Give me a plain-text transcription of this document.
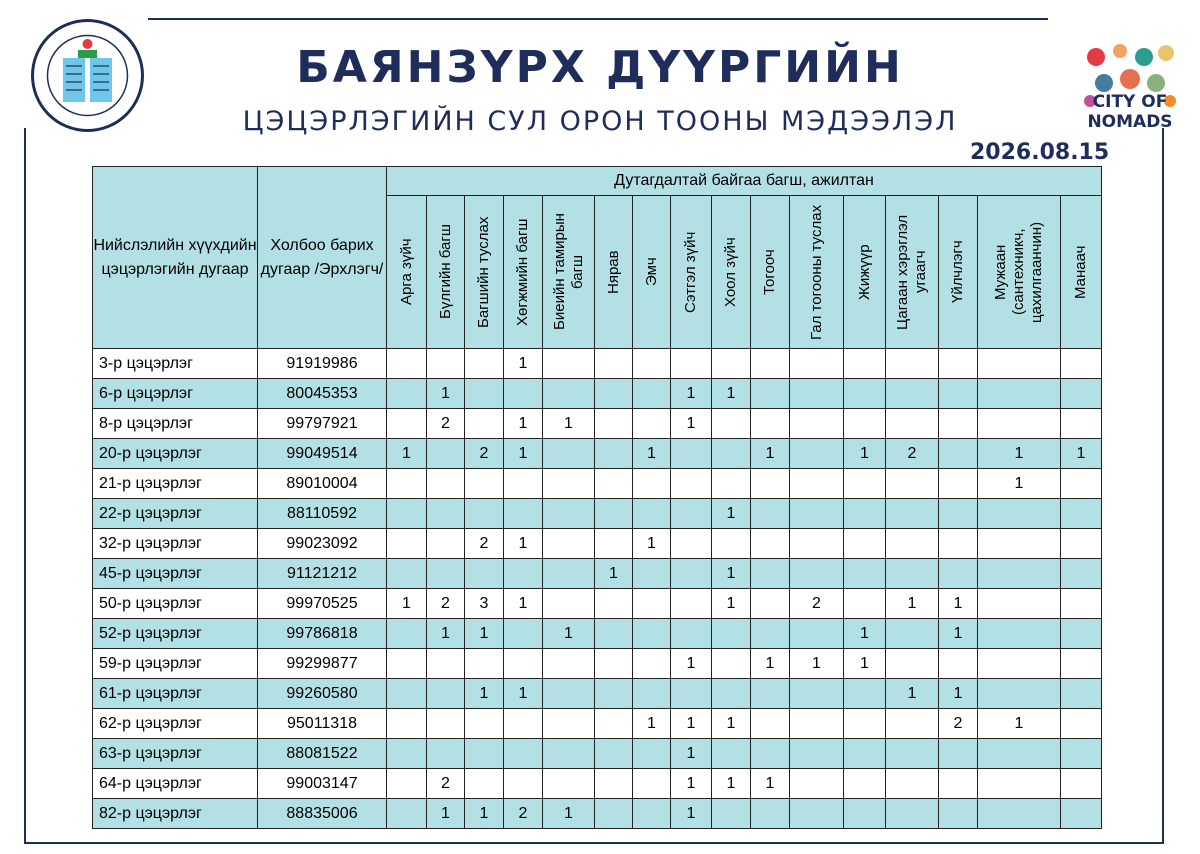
БАЯНЗҮРХ ДҮҮРГИЙН
ЦЭЦЭРЛЭГИЙН СУЛ ОРОН ТООНЫ МЭДЭЭЛЭЛ
2026.08.15
CITY OF
NOMADS
Нийслэлийн хүүхдийн цэцэрлэгийн дугаар	Холбоо барих дугаар /Эрхлэгч/	Дутагдалтай байгаа багш, ажилтан															

		Арга зүйч	Бүлгийн багш	Багшийн туслах	Хөгжмийн багш	Биеийн тамирын багш	Нярав	Эмч	Сэтгэл зүйч	Хоол зүйч	Тогооч	Гал тогооны туслах	Жижүүр	Цагаан хэрэглэл угаагч	Үйлчлэгч	Мужаан (сантехникч, цахилгаанчин)	Манаач

3-р цэцэрлэг	91919986				1												
6-р цэцэрлэг	80045353		1						1	1							
8-р цэцэрлэг	99797921		2		1	1			1								
20-р цэцэрлэг	99049514	1		2	1			1			1		1	2		1	1
21-р цэцэрлэг	89010004															1	
22-р цэцэрлэг	88110592									1							
32-р цэцэрлэг	99023092			2	1			1									
45-р цэцэрлэг	91121212						1			1							
50-р цэцэрлэг	99970525	1	2	3	1					1		2		1	1		
52-р цэцэрлэг	99786818		1	1		1							1		1		
59-р цэцэрлэг	99299877								1		1	1	1				
61-р цэцэрлэг	99260580			1	1									1	1		
62-р цэцэрлэг	95011318							1	1	1					2	1	
63-р цэцэрлэг	88081522								1								
64-р цэцэрлэг	99003147		2						1	1	1						
82-р цэцэрлэг	88835006		1	1	2	1			1								
